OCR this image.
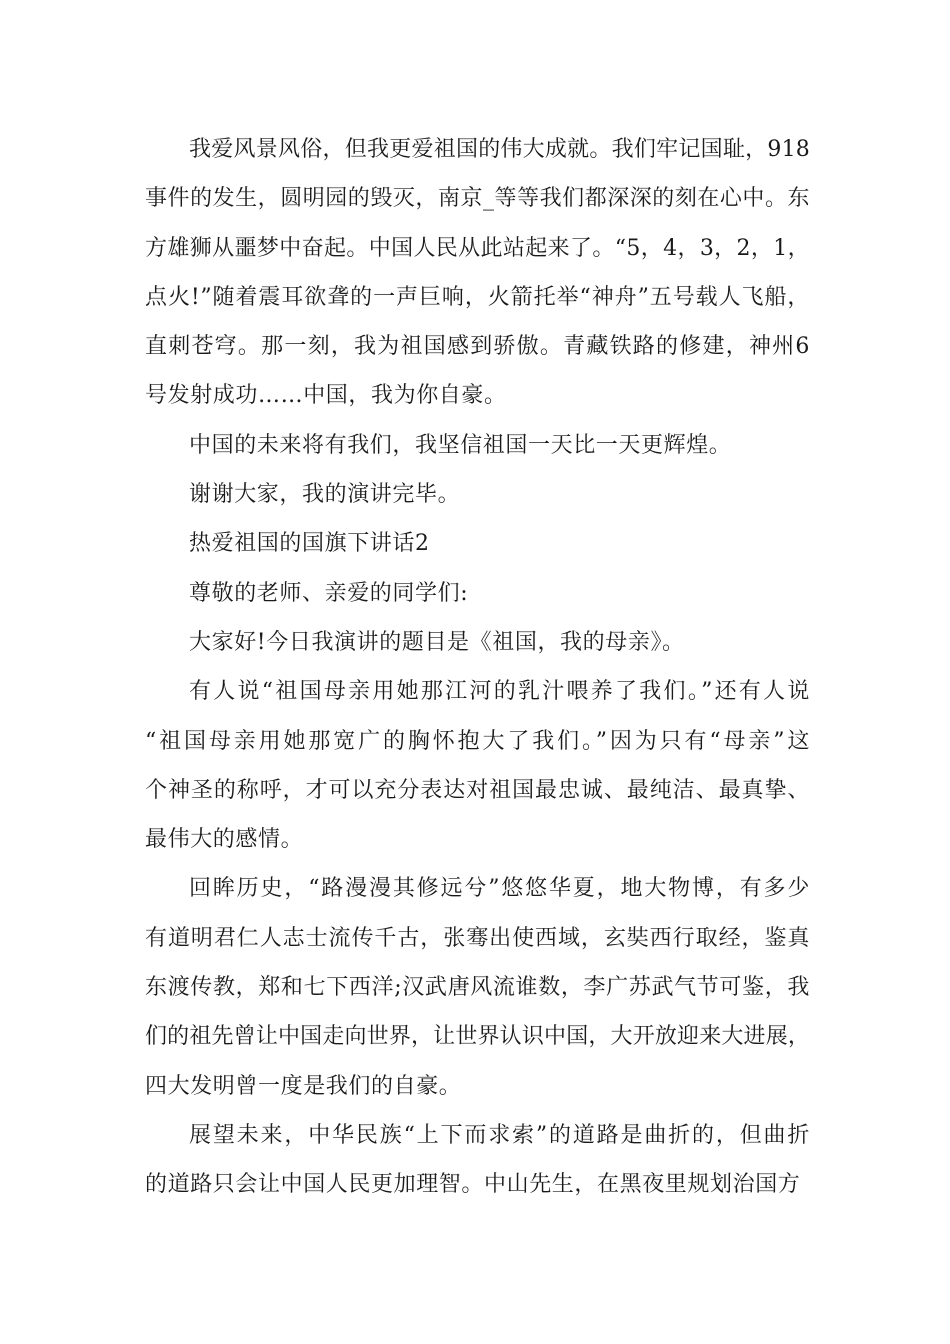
我爱风景风俗，但我更爱祖国的伟大成就。我们牢记国耻，918
事件的发生，圆明园的毁灭，南京_等等我们都深深的刻在心中。东
方雄狮从噩梦中奋起。中国人民从此站起来了。“5，4，3，2，1，
点火!”随着震耳欲聋的一声巨响，火箭托举“神舟”五号载人飞船，
直刺苍穹。那一刻，我为祖国感到骄傲。青藏铁路的修建，神州6
号发射成功……中国，我为你自豪。
中国的未来将有我们，我坚信祖国一天比一天更辉煌。
谢谢大家，我的演讲完毕。
热爱祖国的国旗下讲话2
尊敬的老师、亲爱的同学们:
大家好!今日我演讲的题目是《祖国，我的母亲》。
有人说“祖国母亲用她那江河的乳汁喂养了我们。”还有人说
“祖国母亲用她那宽广的胸怀抱大了我们。”因为只有“母亲”这
个神圣的称呼，才可以充分表达对祖国最忠诚、最纯洁、最真挚、
最伟大的感情。
回眸历史，“路漫漫其修远兮”悠悠华夏，地大物博，有多少
有道明君仁人志士流传千古，张骞出使西域，玄奘西行取经，鉴真
东渡传教，郑和七下西洋;汉武唐风流谁数，李广苏武气节可鉴，我
们的祖先曾让中国走向世界，让世界认识中国，大开放迎来大进展，
四大发明曾一度是我们的自豪。
展望未来，中华民族“上下而求索”的道路是曲折的，但曲折
的道路只会让中国人民更加理智。中山先生，在黑夜里规划治国方
